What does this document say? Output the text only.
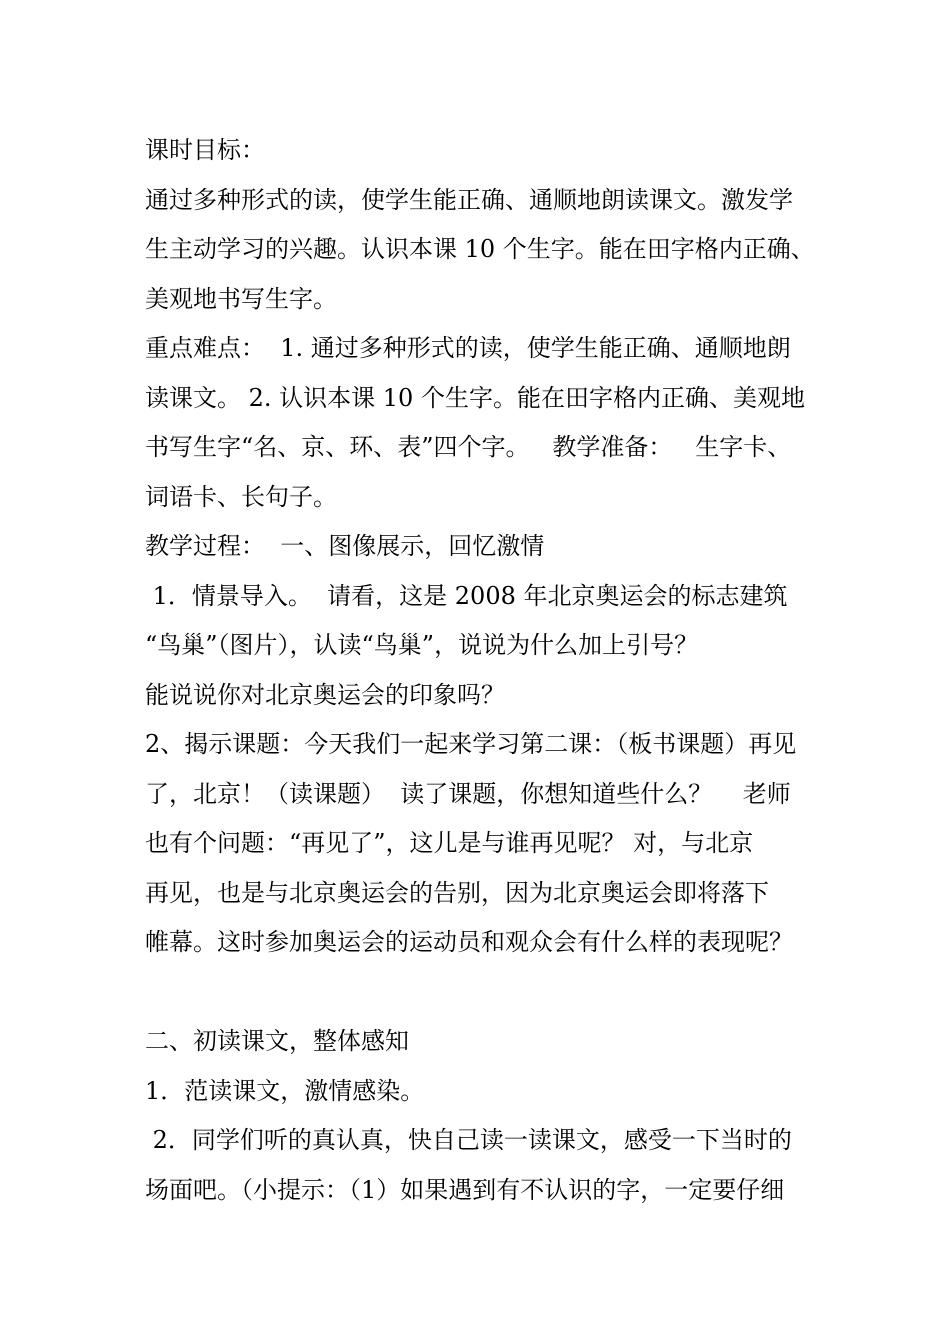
课时目标：
通过多种形式的读，使学生能正确、通顺地朗读课文。激发学
生主动学习的兴趣。认识本课 10 个生字。能在田字格内正确、
美观地书写生字。
重点难点：  1. 通过多种形式的读，使学生能正确、通顺地朗
读课文。 2. 认识本课 10 个生字。能在田字格内正确、美观地
书写生字“名、京、环、表”四个字。   教学准备：   生字卡、
词语卡、长句子。
教学过程：  一、图像展示，回忆激情
1．情景导入。  请看，这是 2008 年北京奥运会的标志建筑
“鸟巢”（图片），认读“鸟巢”，说说为什么加上引号？
能说说你对北京奥运会的印象吗？
2、揭示课题：今天我们一起来学习第二课：（板书课题）再见
了，北京！（读课题）  读了课题，你想知道些什么？    老师
也有个问题：“再见了”，这儿是与谁再见呢？ 对，与北京
再见，也是与北京奥运会的告别，因为北京奥运会即将落下
帷幕。这时参加奥运会的运动员和观众会有什么样的表现呢？
二、初读课文，整体感知
1．范读课文，激情感染。
2．同学们听的真认真，快自己读一读课文，感受一下当时的
场面吧。（小提示：（1）如果遇到有不认识的字，一定要仔细
